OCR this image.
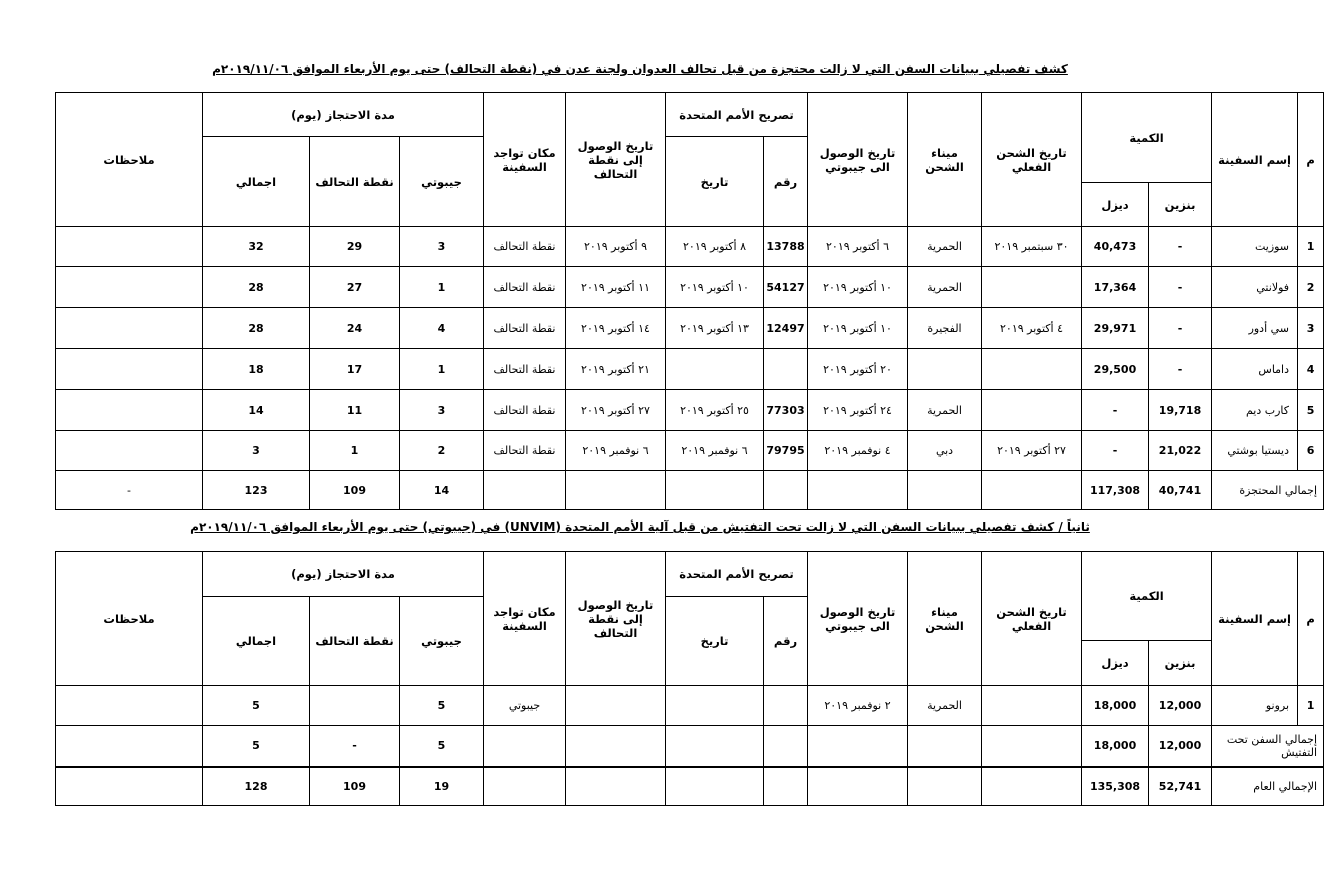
كشف تفصيلي ببيانات السفن التي لا زالت محتجزة من قبل تحالف العدوان ولجنة عدن في (نقطة التحالف) حتى يوم الأربعاء الموافق ٢٠١٩/١١/٠٦م
م	إسم السفينة	الكمية		تاريخ الشحن الفعلي	ميناء الشحن	تاريخ الوصول الى جيبوتي	تصريح الأمم المتحدة		تاريخ الوصول إلى نقطة التحالف	مكان تواجد السفينة	مدة الاحتجاز (يوم)			ملاحظات
							رقم	تاريخ			جيبوتي	نقطة التحالف	اجمالي	
		بنزين	ديزل											
1	سوزيت	-	40,473	٣٠ سبتمبر ٢٠١٩	الحمرية	٦ أكتوبر ٢٠١٩	13788	٨ أكتوبر ٢٠١٩	٩ أكتوبر ٢٠١٩	نقطة التحالف	3	29	32	
2	فولانتي	-	17,364		الحمرية	١٠ أكتوبر ٢٠١٩	54127	١٠ أكتوبر ٢٠١٩	١١ أكتوبر ٢٠١٩	نقطة التحالف	1	27	28	
3	سي أدور	-	29,971	٤ أكتوبر ٢٠١٩	الفجيرة	١٠ أكتوبر ٢٠١٩	12497	١٣ أكتوبر ٢٠١٩	١٤ أكتوبر ٢٠١٩	نقطة التحالف	4	24	28	
4	داماس	-	29,500			٢٠ أكتوبر ٢٠١٩			٢١ أكتوبر ٢٠١٩	نقطة التحالف	1	17	18	
5	كارب ديم	19,718	-		الحمرية	٢٤ أكتوبر ٢٠١٩	77303	٢٥ أكتوبر ٢٠١٩	٢٧ أكتوبر ٢٠١٩	نقطة التحالف	3	11	14	
6	ديستيا بوشتي	21,022	-	٢٧ أكتوبر ٢٠١٩	دبي	٤ نوفمبر ٢٠١٩	79795	٦ نوفمبر ٢٠١٩	٦ نوفمبر ٢٠١٩	نقطة التحالف	2	1	3	
إجمالي المحتجزة		40,741	117,308								14	109	123	-
ثانياً / كشف تفصيلي ببيانات السفن التي لا زالت تحت التفتيش من قبل آلية الأمم المتحدة (UNVIM) في (جيبوتي) حتى يوم الأربعاء الموافق ٢٠١٩/١١/٠٦م
م	إسم السفينة	الكمية		تاريخ الشحن الفعلي	ميناء الشحن	تاريخ الوصول الى جيبوتي	تصريح الأمم المتحدة		تاريخ الوصول إلى نقطة التحالف	مكان تواجد السفينة	مدة الاحتجاز (يوم)			ملاحظات
							رقم	تاريخ			جيبوتي	نقطة التحالف	اجمالي	
		بنزين	ديزل											
1	برونو	12,000	18,000		الحمرية	٢ نوفمبر ٢٠١٩				جيبوتي	5		5	
إجمالي السفن تحت التفتيش		12,000	18,000								5	-	5	
الإجمالي العام		52,741	135,308								19	109	128	
